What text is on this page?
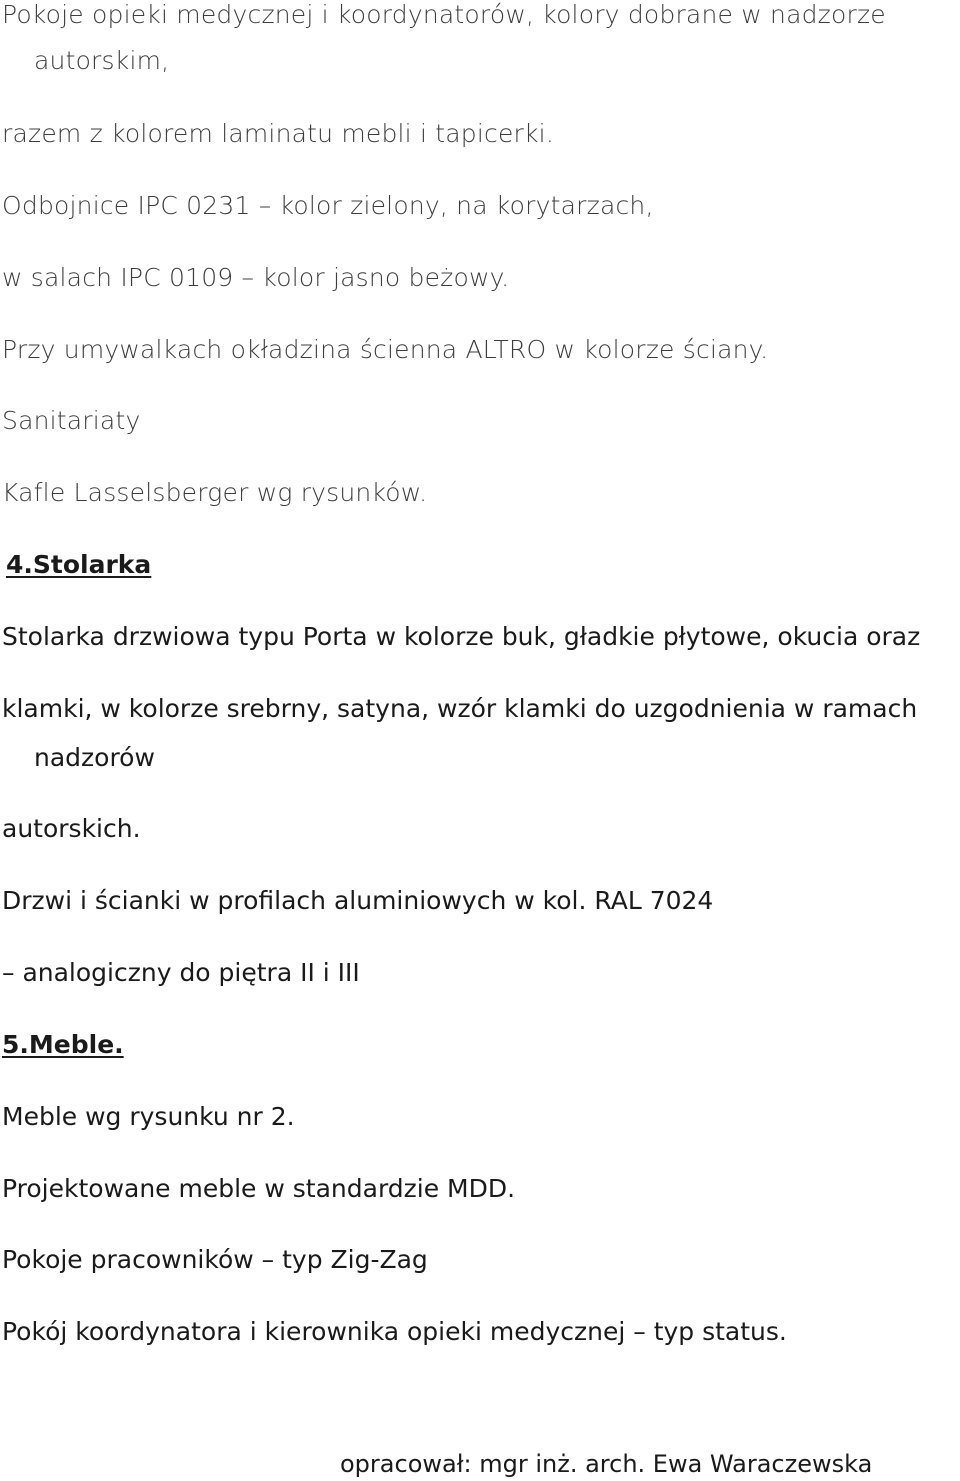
Pokoje opieki medycznej i koordynatorów, kolory dobrane w nadzorze
autorskim,
razem z kolorem laminatu mebli i tapicerki.
Odbojnice IPC 0231 – kolor zielony, na korytarzach,
w salach IPC 0109 – kolor jasno beżowy.
Przy umywalkach okładzina ścienna ALTRO w kolorze ściany.
Sanitariaty
Kafle Lasselsberger wg rysunków.
4.Stolarka
Stolarka drzwiowa typu Porta w kolorze buk, gładkie płytowe, okucia oraz
klamki, w kolorze srebrny, satyna, wzór klamki do uzgodnienia w ramach
nadzorów
autorskich.
Drzwi i ścianki w profilach aluminiowych w kol. RAL 7024
– analogiczny do piętra II i III
5.Meble.
Meble wg rysunku nr 2.
Projektowane meble w standardzie MDD.
Pokoje pracowników – typ Zig-Zag
Pokój koordynatora i kierownika opieki medycznej – typ status.
opracował: mgr inż. arch. Ewa Waraczewska
